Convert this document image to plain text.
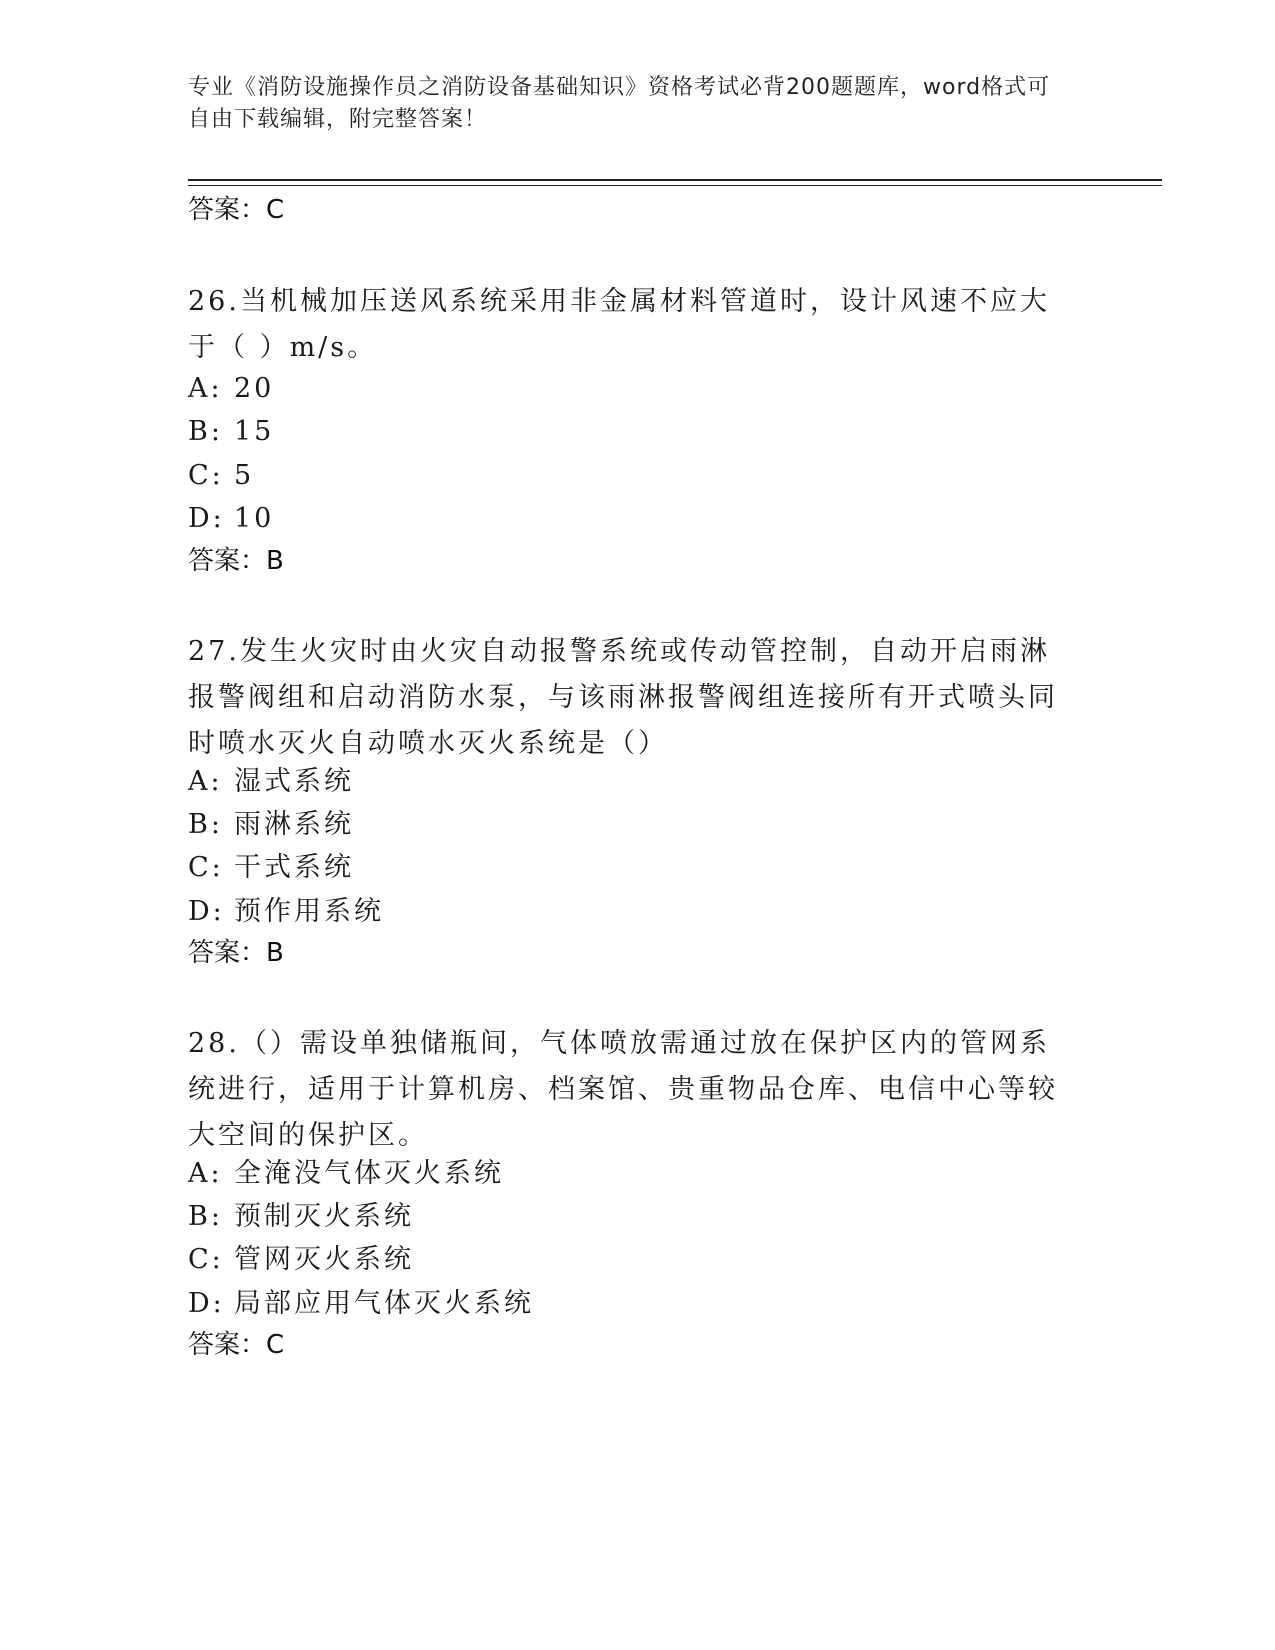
专业《消防设施操作员之消防设备基础知识》资格考试必背200题题库，word格式可自由下载编辑，附完整答案！
答案：C
26.当机械加压送风系统采用非金属材料管道时，设计风速不应大于（ ）m/s。
A: 20
B: 15
C: 5
D: 10
答案：B
27.发生火灾时由火灾自动报警系统或传动管控制，自动开启雨淋报警阀组和启动消防水泵，与该雨淋报警阀组连接所有开式喷头同时喷水灭火自动喷水灭火系统是（）
A: 湿式系统
B: 雨淋系统
C: 干式系统
D: 预作用系统
答案：B
28.（）需设单独储瓶间，气体喷放需通过放在保护区内的管网系统进行，适用于计算机房、档案馆、贵重物品仓库、电信中心等较大空间的保护区。
A: 全淹没气体灭火系统
B: 预制灭火系统
C: 管网灭火系统
D: 局部应用气体灭火系统
答案：C
